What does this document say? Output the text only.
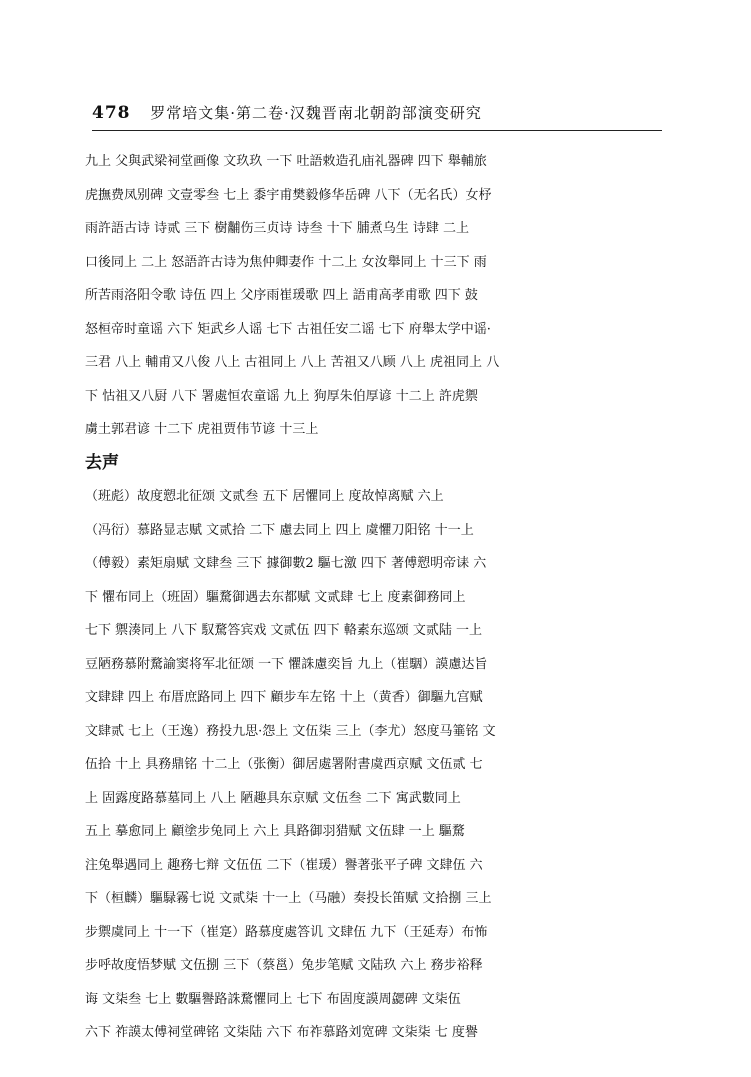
478 罗常培文集·第二卷·汉魏晋南北朝韵部演变研究
九上 父與武梁祠堂画像 文玖玖 一下 吐語敕造孔庙礼器碑 四下 舉輔旅
虎撫费凤别碑 文壹零叁 七上 黍宇甫樊毅修华岳碑 八下（无名氏）女杼
雨許語古诗 诗贰 三下 樹黼伤三贞诗 诗叁 十下 脯煮乌生 诗肆 二上
口後同上 二上 怒語許古诗为焦仲卿妻作 十二上 女汝舉同上 十三下 雨
所苦雨洛阳令歌 诗伍 四上 父序雨崔瑗歌 四上 語甫高孝甫歌 四下 鼓
怒桓帝时童谣 六下 矩武乡人谣 七下 古祖任安二谣 七下 府舉太学中谣·
三君 八上 輔甫又八俊 八上 古祖同上 八上 苦祖又八顾 八上 虎祖同上 八
下 怙祖又八厨 八下 署處恒农童谣 九上 狗厚朱伯厚谚 十二上 許虎禦
虜土郭君谚 十二下 虎祖贾伟节谚 十三上
去声
（班彪）故度愬北征颂 文贰叁 五下 居懼同上 度故悼离赋 六上
（冯衍）慕路显志赋 文贰拾 二下 慮去同上 四上 虞懼刀阳铭 十一上
（傅毅）素矩扇赋 文肆叁 三下 據御數2 驅七激 四下 著傅愬明帝诔 六
下 懼布同上（班固）驅騖御遇去东都赋 文贰肆 七上 度素御務同上
七下 禦湊同上 八下 馭騖答宾戏 文贰伍 四下 輅素东巡颂 文贰陆 一上
豆陋務慕附騖諭窦将军北征颂 一下 懼誅慮奕旨 九上（崔駰）謨慮达旨
文肆肆 四上 布厝庶路同上 四下 顧步车左铭 十上（黄香）御驅九宫赋
文肆贰 七上（王逸）務投九思·怨上 文伍柒 三上（李尤）怒度马箠铭 文
伍拾 十上 具務鼎铭 十二上（张衡）御居處署附書虞西京赋 文伍贰 七
上 固露度路慕墓同上 八上 陋趣具东京赋 文伍叁 二下 寓武數同上
五上 摹愈同上 顧塗步兔同上 六上 具路御羽猎赋 文伍肆 一上 驅騖
注兔舉遇同上 趣務七辩 文伍伍 二下（崔瑗）譽著张平子碑 文肆伍 六
下（桓麟）驅騄霧七说 文贰柒 十一上（马融）奏投长笛赋 文拾捌 三上
步禦虞同上 十一下（崔寔）路慕度處答讥 文肆伍 九下（王延寿）布怖
步呼故度悟梦赋 文伍捌 三下（蔡邕）兔步笔赋 文陆玖 六上 務步裕释
诲 文柒叁 七上 數驅譽路誅騖懼同上 七下 布固度謨周勰碑 文柒伍
六下 祚謨太傅祠堂碑铭 文柒陆 六下 布祚慕路刘宽碑 文柒柒 七 度譽
